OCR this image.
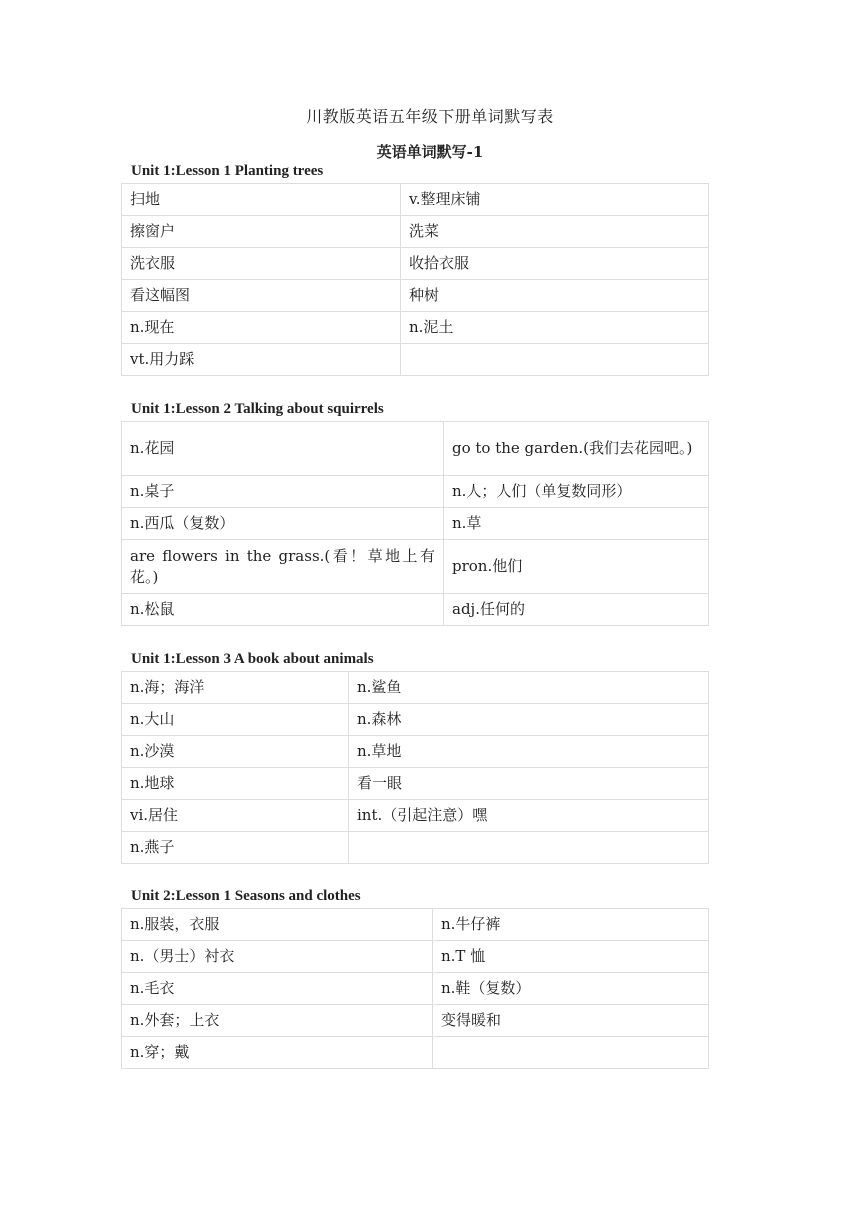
川教版英语五年级下册单词默写表
英语单词默写-1
Unit 1:Lesson 1 Planting trees
扫地	v.整理床铺
擦窗户	洗菜
洗衣服	收拾衣服
看这幅图	种树
n.现在	n.泥土
vt.用力踩	
Unit 1:Lesson 2 Talking about squirrels
n.花园	go to the garden.(我们去花园吧。)
n.桌子	n.人；人们（单复数同形）
n.西瓜（复数）	n.草
are flowers in the grass.(看！草地上有花。)	pron.他们
n.松鼠	adj.任何的
Unit 1:Lesson 3 A book about animals
n.海；海洋	n.鲨鱼
n.大山	n.森林
n.沙漠	n.草地
n.地球	看一眼
vi.居住	int.（引起注意）嘿
n.燕子	
Unit 2:Lesson 1 Seasons and clothes
n.服装，衣服	n.牛仔裤
n.（男士）衬衣	n.T 恤
n.毛衣	n.鞋（复数）
n.外套；上衣	变得暖和
n.穿；戴	
